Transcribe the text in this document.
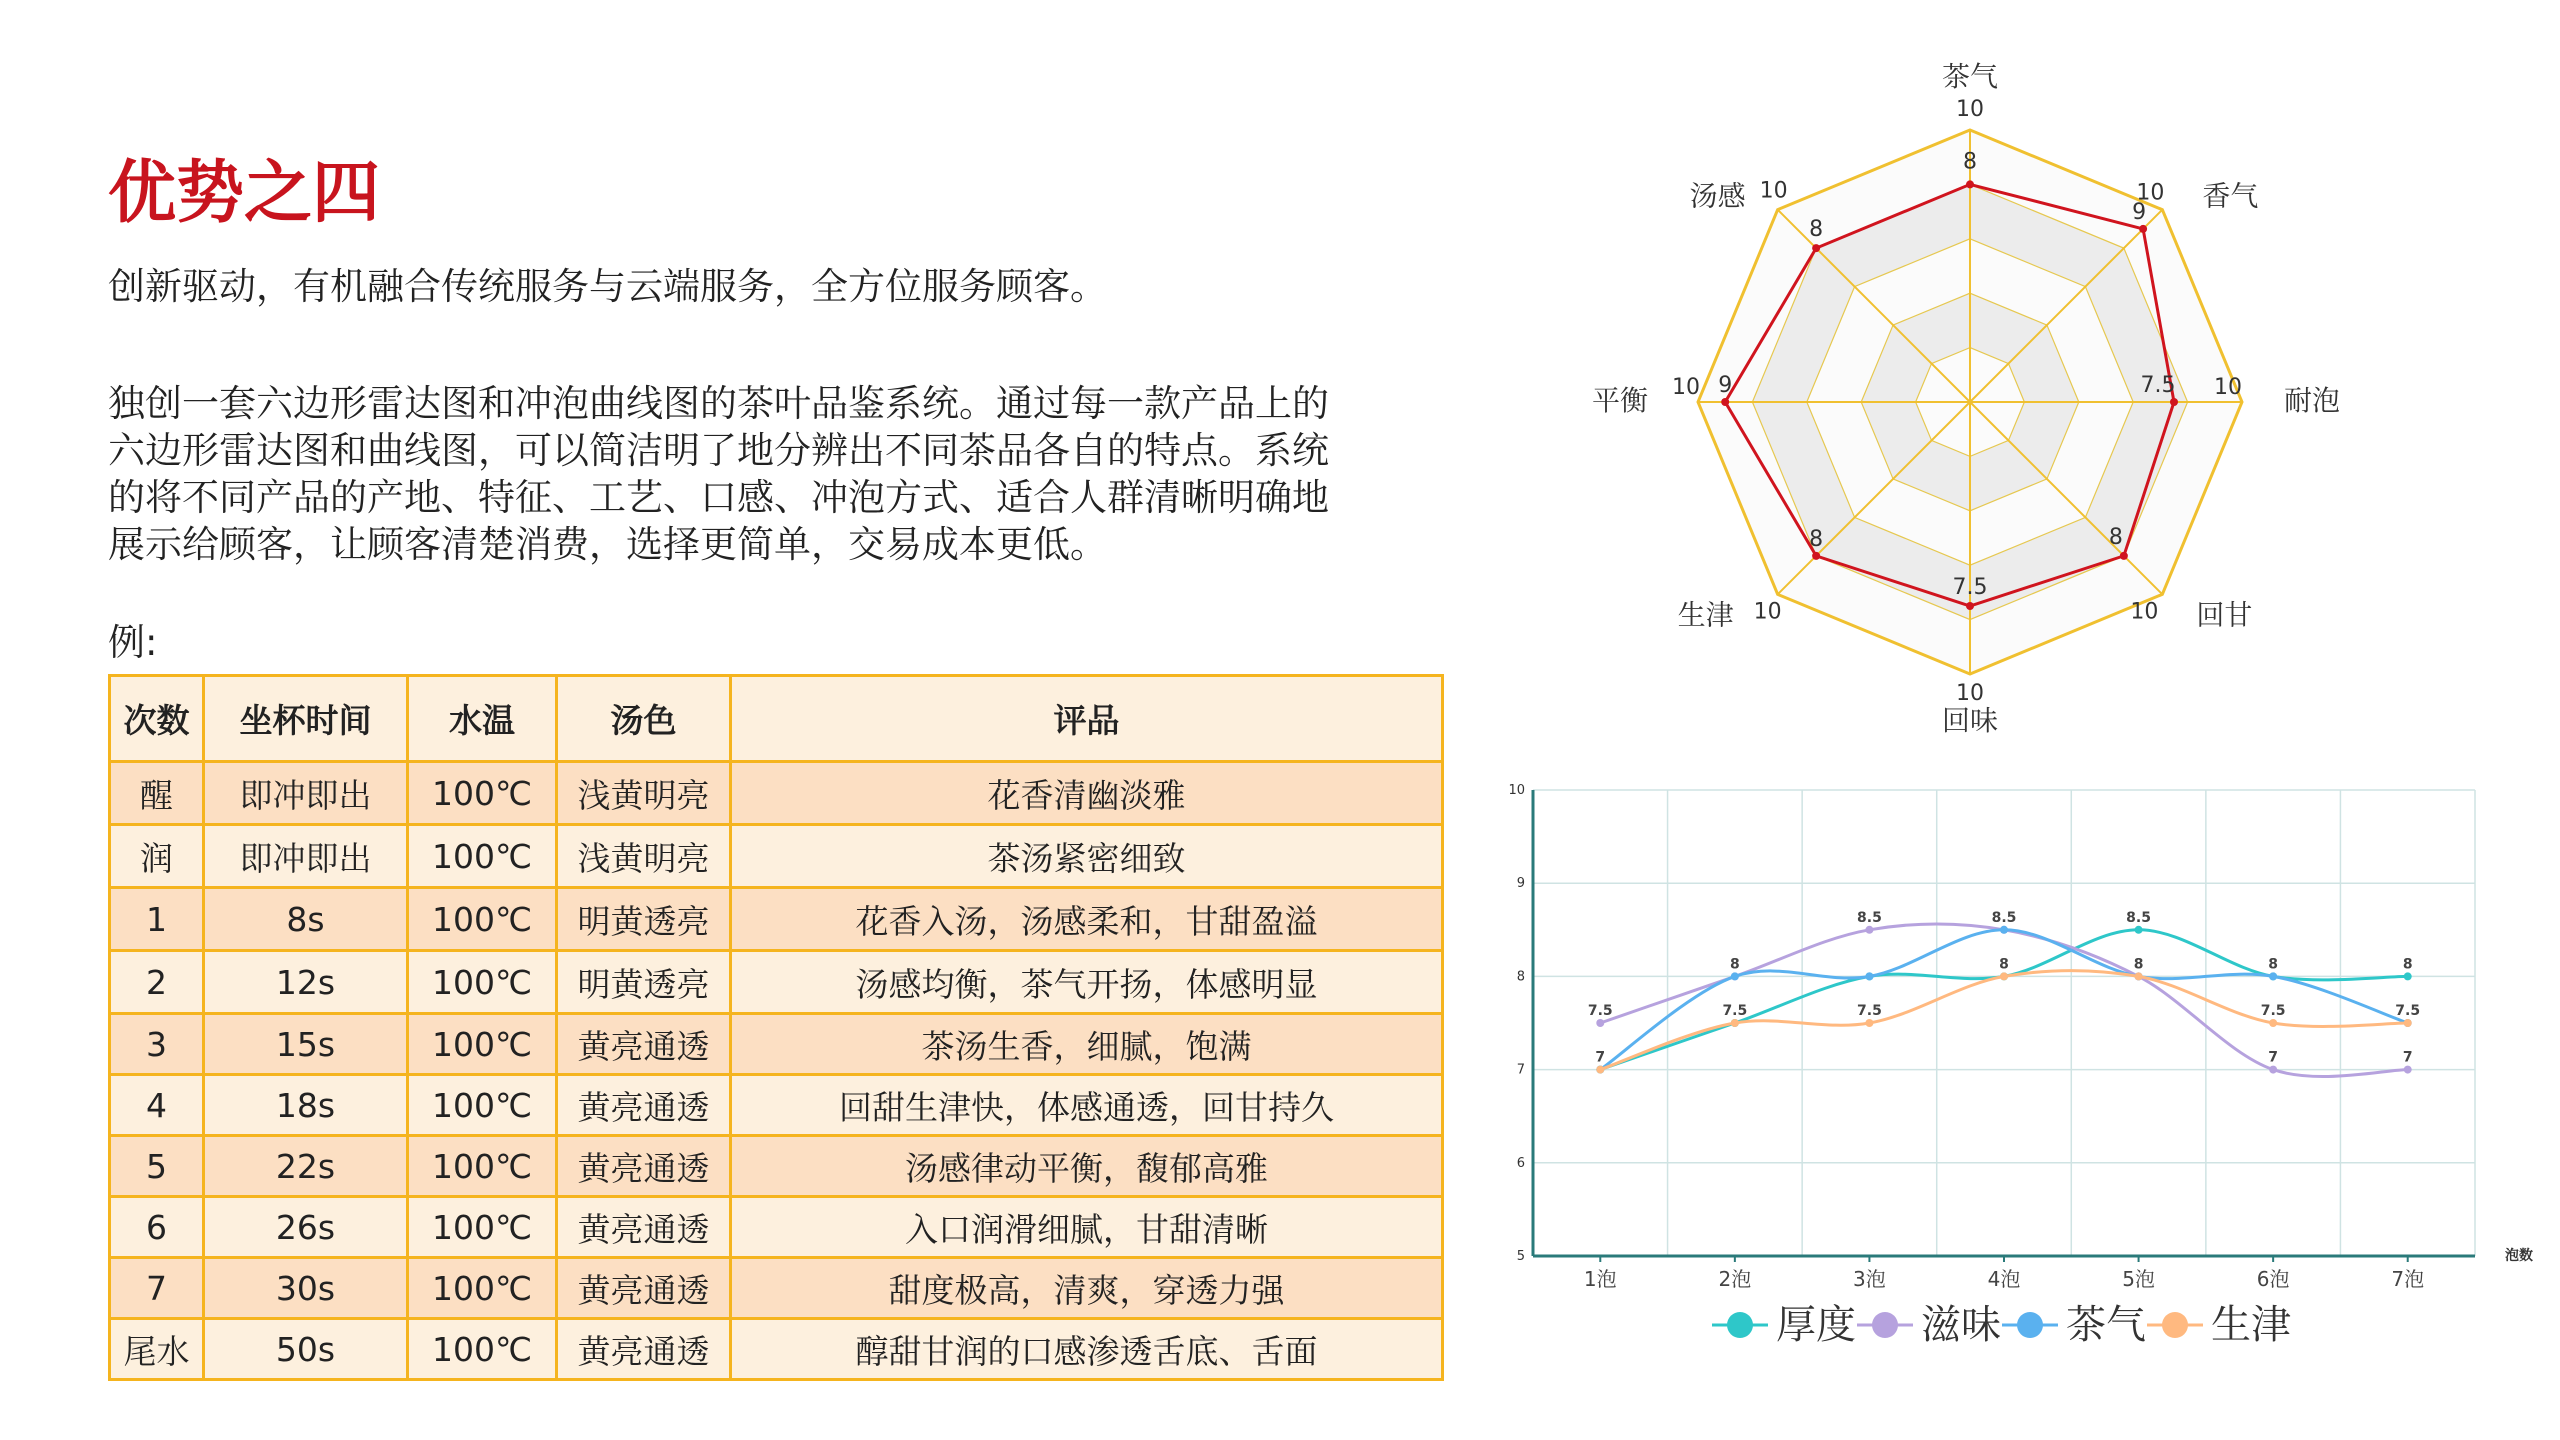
优势之四
创新驱动，有机融合传统服务与云端服务，全方位服务顾客。
独创一套六边形雷达图和冲泡曲线图的茶叶品鉴系统。通过每一款产品上的六边形雷达图和曲线图，可以简洁明了地分辨出不同茶品各自的特点。系统的将不同产品的产地、特征、工艺、口感、冲泡方式、适合人群清晰明确地展示给顾客，让顾客清楚消费，选择更简单，交易成本更低。
例:
次数	坐杯时间	水温	汤色	评品
醒	即冲即出	100℃	浅黄明亮	花香清幽淡雅
润	即冲即出	100℃	浅黄明亮	茶汤紧密细致
1	8s	100℃	明黄透亮	花香入汤，汤感柔和，甘甜盈溢
2	12s	100℃	明黄透亮	汤感均衡，茶气开扬，体感明显
3	15s	100℃	黄亮通透	茶汤生香，细腻，饱满
4	18s	100℃	黄亮通透	回甜生津快，体感通透，回甘持久
5	22s	100℃	黄亮通透	汤感律动平衡，馥郁高雅
6	26s	100℃	黄亮通透	入口润滑细腻，甘甜清晰
7	30s	100℃	黄亮通透	甜度极高，清爽，穿透力强
尾水	50s	100℃	黄亮通透	醇甜甘润的口感渗透舌底、舌面
8
9
7.5
8
7.5
8
9
8
10
10
10
10
10
10
10
10
茶气
香气
耐泡
回甘
回味
生津
平衡
汤感
5
6
7
8
9
10
1泡	2泡	3泡	4泡	5泡	6泡	7泡
泡数
7
8
8.5	8.5	8.5
8	8
7.5	7.5	7.5
8	8
7.5	7.5
7	7
厚度 滋味 茶气 生津
